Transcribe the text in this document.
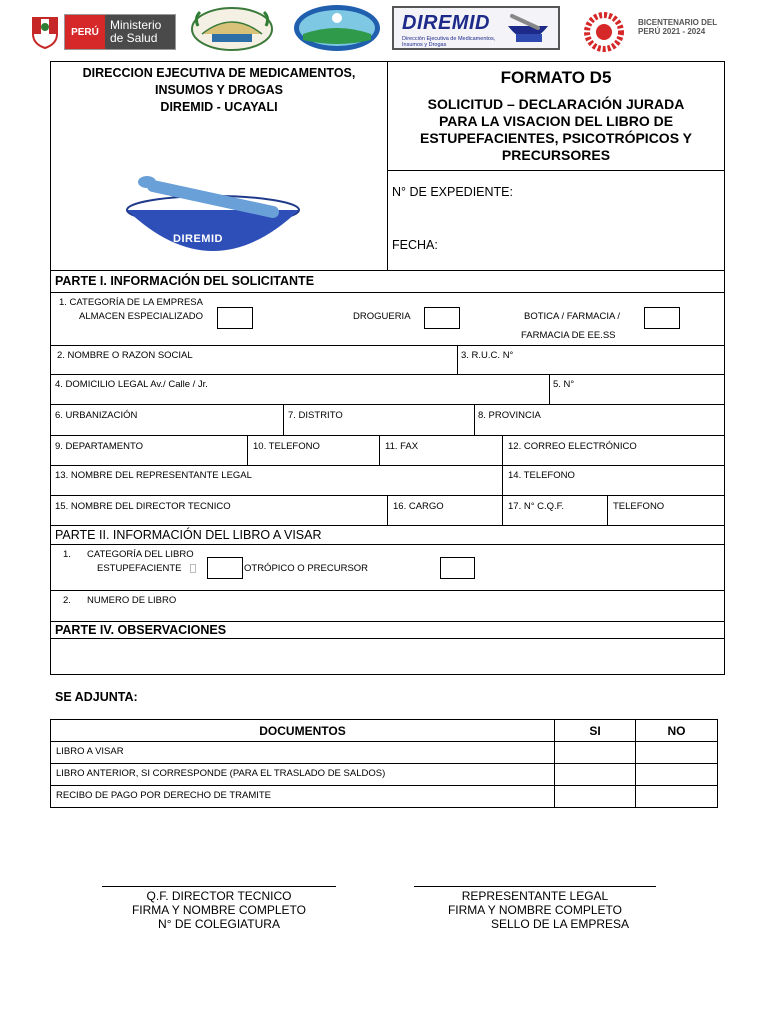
PERÚ Ministerio de Salud
DIREMID
Dirección Ejecutiva de Medicamentos, Insumos y Drogas
BICENTENARIO DEL PERÚ 2021 - 2024
DIRECCION EJECUTIVA DE MEDICAMENTOS,
INSUMOS Y DROGAS
DIREMID - UCAYALI
DIREMID
FORMATO D5
SOLICITUD – DECLARACIÓN JURADA
PARA LA VISACION DEL LIBRO DE
ESTUPEFACIENTES, PSICOTRÓPICOS Y
PRECURSORES
N° DE EXPEDIENTE:
FECHA:
PARTE I. INFORMACIÓN DEL SOLICITANTE
1. CATEGORÍA DE LA EMPRESA
ALMACEN ESPECIALIZADO	DROGUERIA	BOTICA / FARMACIA /
FARMACIA DE EE.SS
2. NOMBRE O RAZON SOCIAL	3. R.U.C. N°
4. DOMICILIO LEGAL Av./ Calle / Jr.	5. N°
6. URBANIZACIÓN	7. DISTRITO	8. PROVINCIA
9. DEPARTAMENTO	10. TELEFONO	11. FAX	12. CORREO ELECTRÓNICO
13. NOMBRE DEL REPRESENTANTE LEGAL	14. TELEFONO
15. NOMBRE DEL DIRECTOR TECNICO	16. CARGO	17. N° C.Q.F.	TELEFONO
PARTE II. INFORMACIÓN DEL LIBRO A VISAR
1. CATEGORÍA DEL LIBRO
ESTUPEFACIENTE	OTRÓPICO O PRECURSOR
2. NUMERO DE LIBRO
PARTE IV. OBSERVACIONES
SE ADJUNTA:
DOCUMENTOS	SI	NO
LIBRO A VISAR
LIBRO ANTERIOR, SI CORRESPONDE (PARA EL TRASLADO DE SALDOS)
RECIBO DE PAGO POR DERECHO DE TRAMITE
Q.F. DIRECTOR TECNICO
FIRMA Y NOMBRE COMPLETO
N° DE COLEGIATURA
REPRESENTANTE LEGAL
FIRMA Y NOMBRE COMPLETO
SELLO DE LA EMPRESA
